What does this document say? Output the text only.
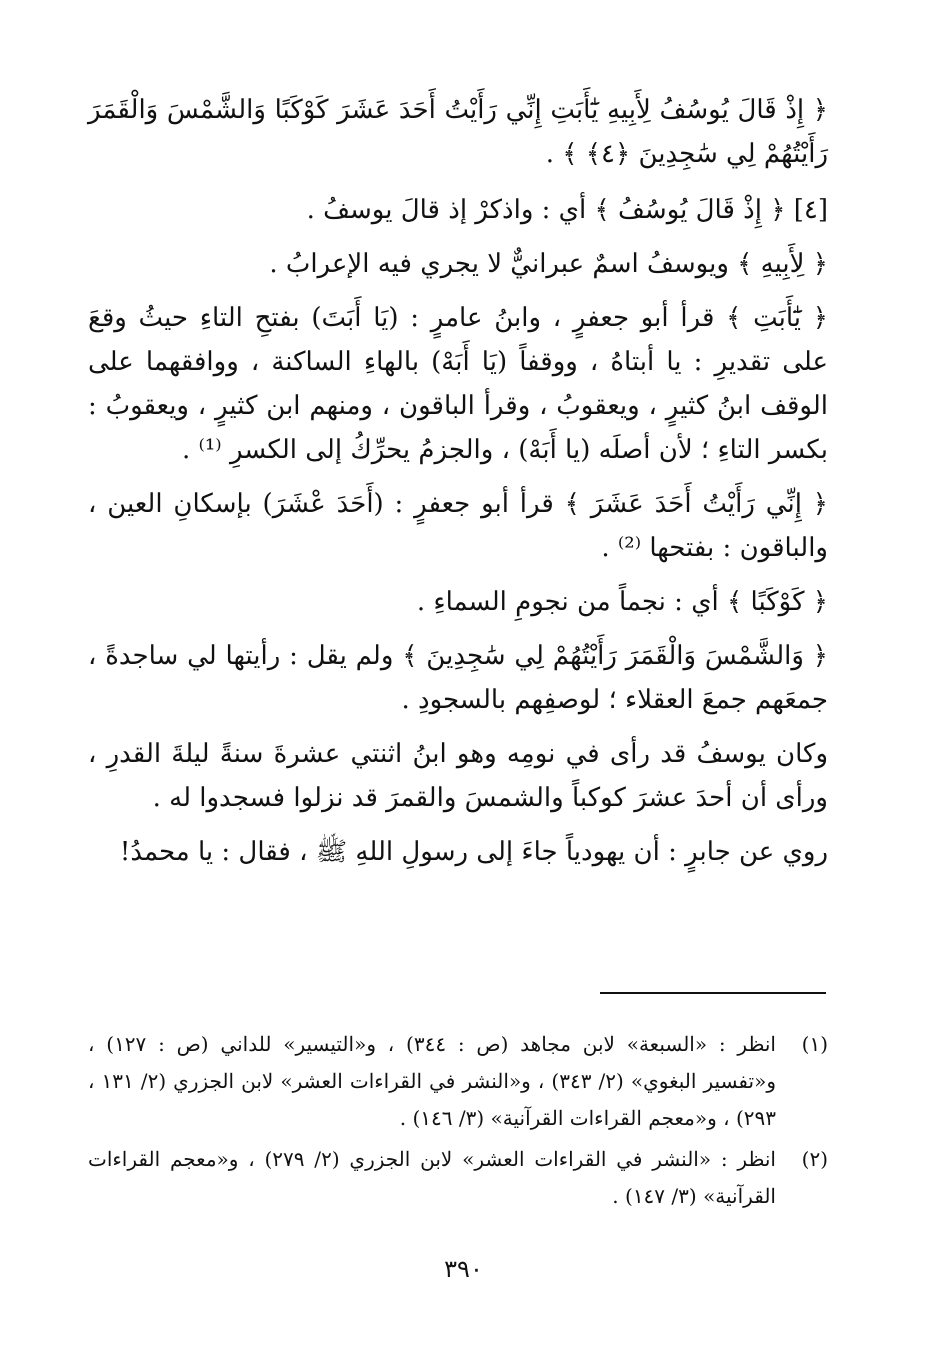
﴿ إِذْ قَالَ يُوسُفُ لِأَبِيهِ يَٰٓأَبَتِ إِنِّي رَأَيْتُ أَحَدَ عَشَرَ كَوْكَبًا وَالشَّمْسَ وَالْقَمَرَ رَأَيْتُهُمْ لِي سَٰجِدِينَ ﴿٤﴾ ﴾ .

[٤] ﴿ إِذْ قَالَ يُوسُفُ ﴾ أي : واذكرْ إذ قالَ يوسفُ .

﴿ لِأَبِيهِ ﴾ ويوسفُ اسمٌ عبرانيٌّ لا يجري فيه الإعرابُ .

﴿ يَٰٓأَبَتِ ﴾ قرأ أبو جعفرٍ ، وابنُ عامرٍ : (يَا أَبَتَ) بفتحِ التاءِ حيثُ وقعَ على تقديرِ : يا أبتاهُ ، ووقفاً (يَا أَبَهْ) بالهاءِ الساكنة ، ووافقهما على الوقف ابنُ كثيرٍ ، ويعقوبُ ، وقرأ الباقون ، ومنهم ابن كثيرٍ ، ويعقوبُ : بكسر التاءِ ؛ لأن أصلَه (يا أَبَهْ) ، والجزمُ يحرِّكُ إلى الكسرِ ⁽¹⁾ .

﴿ إِنِّي رَأَيْتُ أَحَدَ عَشَرَ ﴾ قرأ أبو جعفرٍ : (أَحَدَ عْشَرَ) بإسكانِ العين ، والباقون : بفتحها ⁽²⁾ .

﴿ كَوْكَبًا ﴾ أي : نجماً من نجومِ السماءِ .

﴿ وَالشَّمْسَ وَالْقَمَرَ رَأَيْتُهُمْ لِي سَٰجِدِينَ ﴾ ولم يقل : رأيتها لي ساجدةً ، جمعَهم جمعَ العقلاء ؛ لوصفِهم بالسجودِ .

وكان يوسفُ قد رأى في نومِه وهو ابنُ اثنتي عشرةَ سنةً ليلةَ القدرِ ، ورأى أن أحدَ عشرَ كوكباً والشمسَ والقمرَ قد نزلوا فسجدوا له .

روي عن جابرٍ : أن يهودياً جاءَ إلى رسولِ اللهِ ﷺ ، فقال : يا محمدُ!

(١)
انظر : «السبعة» لابن مجاهد (ص : ٣٤٤) ، و«التيسير» للداني (ص : ١٢٧) ، و«تفسير البغوي» (٢/ ٣٤٣) ، و«النشر في القراءات العشر» لابن الجزري (٢/ ١٣١ ، ٢٩٣) ، و«معجم القراءات القرآنية» (٣/ ١٤٦) .
(٢)
انظر : «النشر في القراءات العشر» لابن الجزري (٢/ ٢٧٩) ، و«معجم القراءات القرآنية» (٣/ ١٤٧) .
٣٩٠
